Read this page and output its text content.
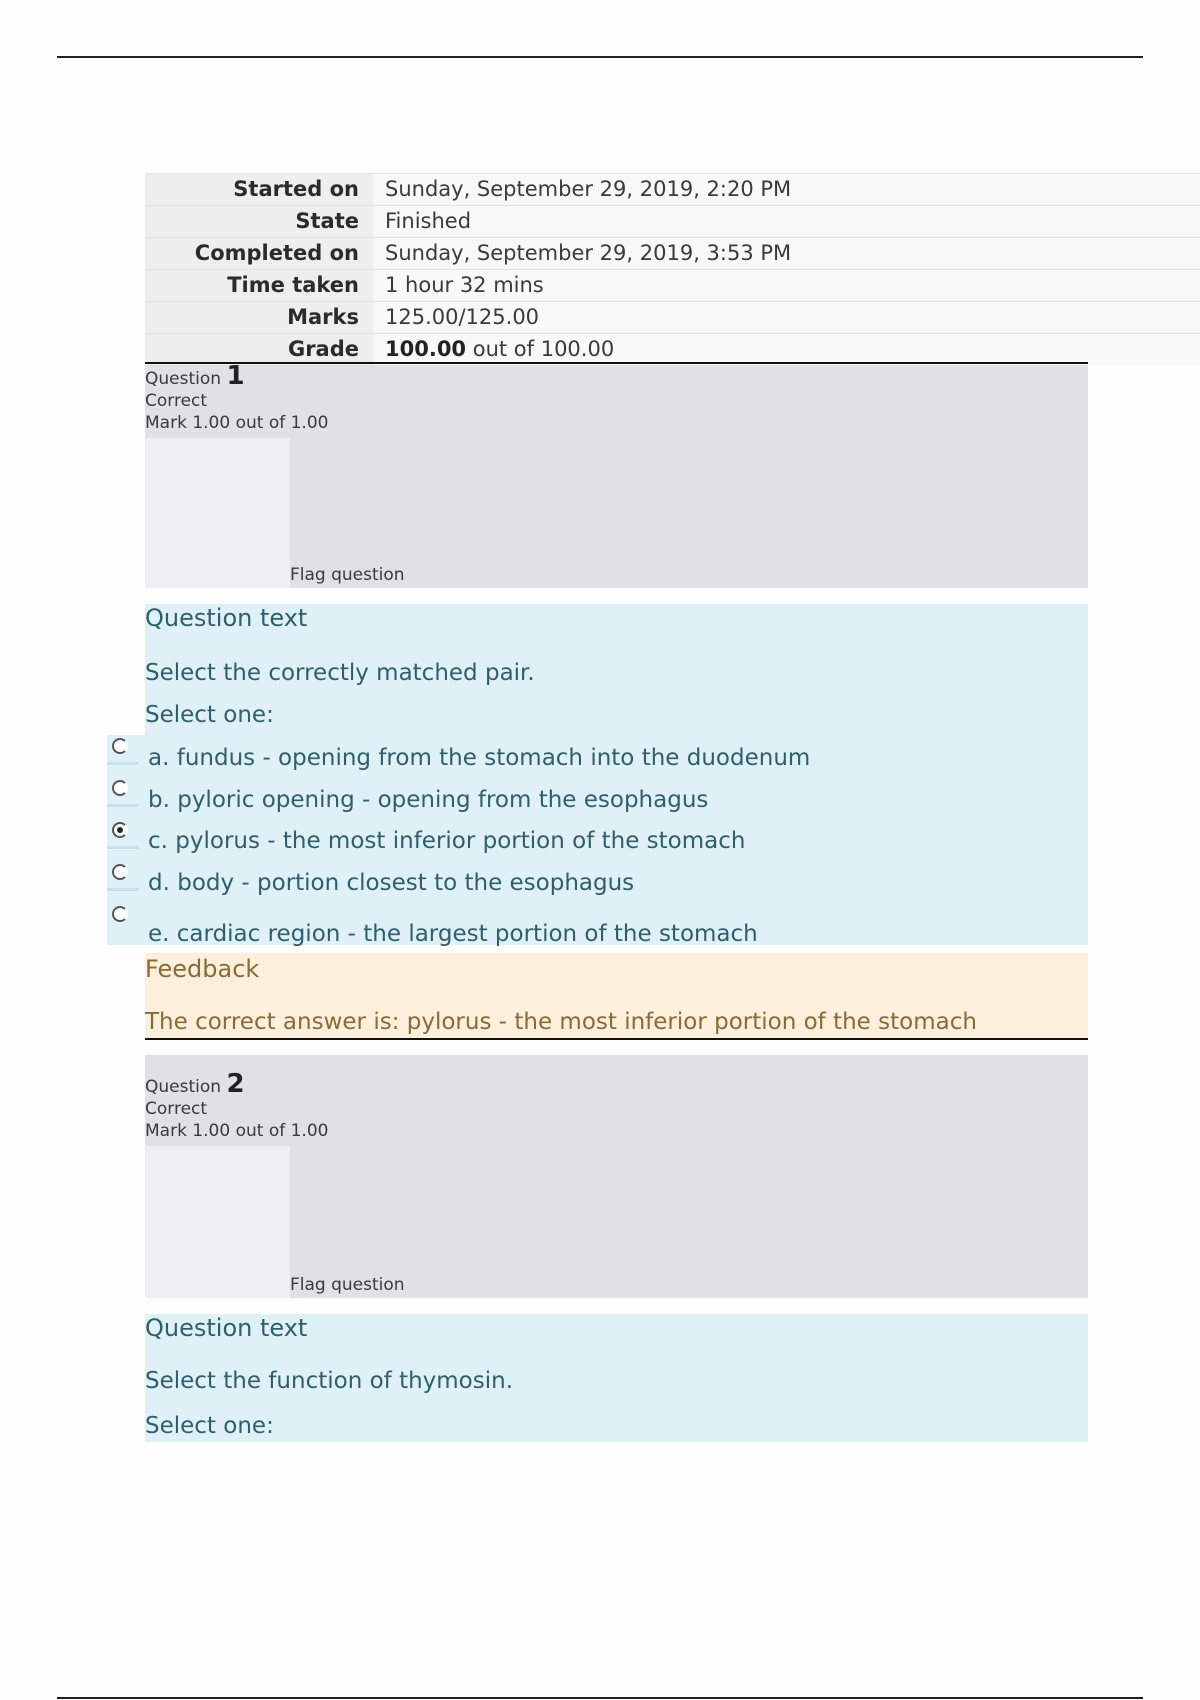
Started on	Sunday, September 29, 2019, 2:20 PM
State	Finished
Completed on	Sunday, September 29, 2019, 3:53 PM
Time taken	1 hour 32 mins
Marks	125.00/125.00
Grade	100.00 out of 100.00
Question 1
Correct
Mark 1.00 out of 1.00
Flag question
Question text
Select the correctly matched pair.
Select one:
a. fundus - opening from the stomach into the duodenum
b. pyloric opening - opening from the esophagus
c. pylorus - the most inferior portion of the stomach
d. body - portion closest to the esophagus
e. cardiac region - the largest portion of the stomach
Feedback
The correct answer is: pylorus - the most inferior portion of the stomach
Question 2
Correct
Mark 1.00 out of 1.00
Flag question
Question text
Select the function of thymosin.
Select one:
